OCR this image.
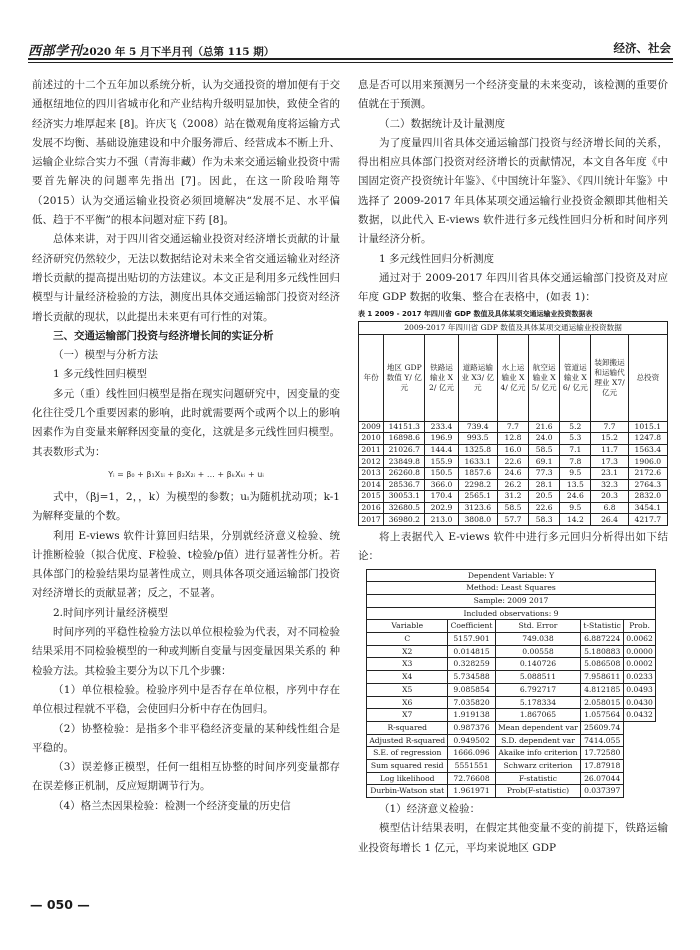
西部学刊2020 年 5 月下半月刊（总第 115 期）	经济、社会

前述过的十二个五年加以系统分析，认为交通投资的增加便有于交通枢纽地位的四川省城市化和产业结构升级明显加快，致使全省的经济实力堆厚起来 [8]。许庆飞（2008）站在微观角度将运输方式发展不均衡、基础设施建设和中介服务滞后、经营成本不断上升、运输企业综合实力不强（青海非藏）作为未来交通运输业投资中需要首先解决的问题率先指出 [7]。因此，在这一阶段哈翔等（2015）认为交通运输业投资必须回境解决“发展不足、水平偏低、趋于不平衡”的根本问题对症下药 [8]。

总体来讲，对于四川省交通运输业投资对经济增长贡献的计量经济研究仍然较少，无法以数据结论对未来全省交通运输业对经济增长贡献的提高提出贴切的方法建议。本文正是利用多元线性回归模型与计量经济检验的方法，测度出具体交通运输部门投资对经济增长贡献的现状，以此提出未来更有可行性的对策。

三、交通运输部门投资与经济增长间的实证分析

（一）模型与分析方法

1 多元线性回归模型

多元（重）线性回归模型是指在现实问题研究中，因变量的变化往往受几个重要因素的影响，此时就需要两个或两个以上的影响因素作为自变量来解释因变量的变化，这就是多元线性回归模型。其表数形式为：

Yᵢ = β₀ + β₁X₁ᵢ + β₂X₂ᵢ + … + βₖXₖᵢ + uᵢ

式中，（βj=1，2，，k）为模型的参数；uᵢ为随机扰动项；k-1为解释变量的个数。

利用 E-views 软件计算回归结果，分别就经济意义检验、统计推断检验（拟合优度、F检验、t检验/p值）进行显著性分析。若具体部门的检验结果均显著性成立，则具体各项交通运输部门投资对经济增长的贡献显著；反之，不显著。

2.时间序列计量经济模型

时间序列的平稳性检验方法以单位根检验为代表，对不同检验结果采用不同检验模型的一种或判断自变量与因变量因果关系的 种检验方法。其检验主要分为以下几个步骤：

（1）单位根检验。检验序列中是否存在单位根，序列中存在单位根过程就不平稳，会使回归分析中存在伪回归。

（2）协整检验：是指多个非平稳经济变量的某种线性组合是平稳的。

（3）误差修正模型，任何一组相互协整的时间序列变量都存在误差修正机制，反应短期调节行为。

（4）格兰杰因果检验：检测一个经济变量的历史信

息是否可以用来预测另一个经济变量的未来变动，该检测的重要价值就在于预测。

（二）数据统计及计量测度

为了度量四川省具体交通运输部门投资与经济增长间的关系，得出相应具体部门投资对经济增长的贡献情况，本文自各年度《中国固定资产投资统计年鉴》、《中国统计年鉴》、《四川统计年鉴》中选择了 2009-2017 年具体某项交通运输行业投资金额即其他相关数据，以此代入 E-views 软件进行多元线性回归分析和时间序列计量经济分析。

1 多元线性回归分析测度

通过对于 2009-2017 年四川省具体交通运输部门投资及对应年度 GDP 数据的收集、整合在表格中，(如表 1)：

表 1 2009 - 2017 年四川省 GDP 数值及具体某项交通运输业投资数据表
2009-2017 年四川省 GDP 数值及具体某项交通运输业投资数据								
年份	地区 GDP 数值 Y/ 亿元	铁路运输业 X2/ 亿元	道路运输业 X3/ 亿元	水上运输业 X4/ 亿元	航空运输业 X5/ 亿元	管道运输业 X6/ 亿元	装卸搬运和运输代理业 X7/ 亿元	总投资
2009	14151.3	233.4	739.4	7.7	21.6	5.2	7.7	1015.1
2010	16898.6	196.9	993.5	12.8	24.0	5.3	15.2	1247.8
2011	21026.7	144.4	1325.8	16.0	58.5	7.1	11.7	1563.4
2012	23849.8	155.9	1633.1	22.6	69.1	7.8	17.3	1906.0
2013	26260.8	150.5	1857.6	24.6	77.3	9.5	23.1	2172.6
2014	28536.7	366.0	2298.2	26.2	28.1	13.5	32.3	2764.3
2015	30053.1	170.4	2565.1	31.2	20.5	24.6	20.3	2832.0
2016	32680.5	202.9	3123.6	58.5	22.6	9.5	6.8	3454.1
2017	36980.2	213.0	3808.0	57.7	58.3	14.2	26.4	4217.7

将上表据代入 E-views 软件中进行多元回归分析得出如下结论：

Dependent Variable: Y				
Method: Least Squares				
Sample: 2009 2017				
Included observations: 9				
Variable	Coefficient	Std. Error	t-Statistic	Prob.
C	5157.901	749.038	6.887224	0.0062
X2	0.014815	0.00558	5.180883	0.0000
X3	0.328259	0.140726	5.086508	0.0002
X4	5.734588	5.088511	7.958611	0.0233
X5	9.085854	6.792717	4.812185	0.0493
X6	7.035820	5.178334	2.058015	0.0430
X7	1.919138	1.867065	1.057564	0.0432
R-squared	0.987376	Mean dependent var	25609.74	
Adjusted R-squared	0.949502	S.D. dependent var	7414.055	
S.E. of regression	1666.096	Akaike info criterion	17.72580	
Sum squared resid	5551551	Schwarz criterion	17.87918	
Log likelihood	72.76608	F-statistic	26.07044	
Durbin-Watson stat	1.961971	Prob(F-statistic)	0.037397	

（1）经济意义检验：

模型估计结果表明，在假定其他变量不变的前提下，铁路运输业投资每增长 1 亿元，平均来说地区 GDP

— 050 —
